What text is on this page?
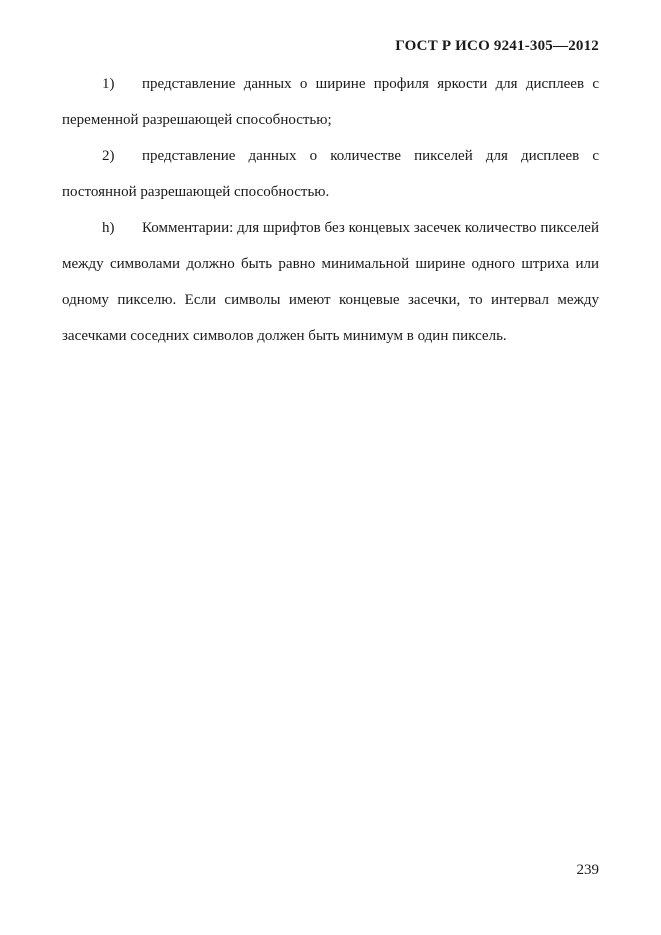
ГОСТ Р ИСО 9241-305—2012
1) представление данных о ширине профиля яркости для дисплеев с переменной разрешающей способностью;
2) представление данных о количестве пикселей для дисплеев с постоянной разрешающей способностью.
h) Комментарии: для шрифтов без концевых засечек количество пикселей между символами должно быть равно минимальной ширине одного штриха или одному пикселю. Если символы имеют концевые засечки, то интервал между засечками соседних символов должен быть минимум в один пиксель.
239
